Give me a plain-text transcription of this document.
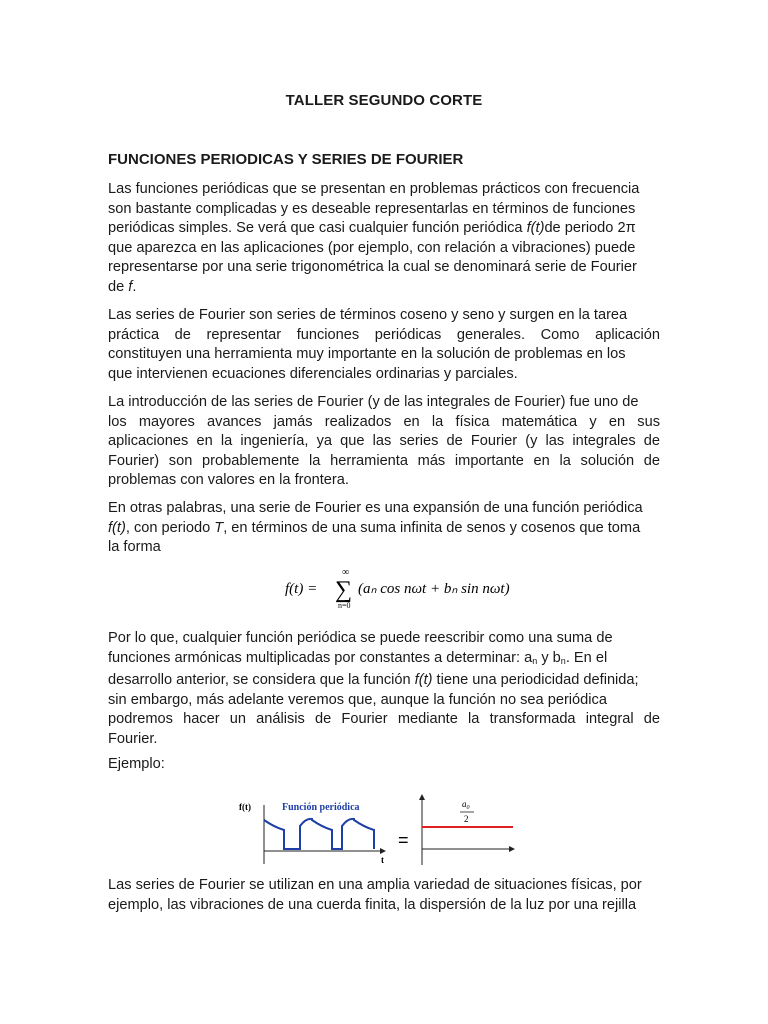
TALLER SEGUNDO CORTE
FUNCIONES PERIODICAS Y SERIES DE FOURIER
Las funciones periódicas que se presentan en problemas prácticos con frecuencia
son bastante complicadas y es deseable representarlas en términos de funciones
periódicas simples. Se verá que casi cualquier función periódica f(t)de periodo 2π
que aparezca en las aplicaciones (por ejemplo, con relación a vibraciones) puede
representarse por una serie trigonométrica la cual se denominará serie de Fourier
de f.
Las series de Fourier son series de términos coseno y seno y surgen en la tarea
práctica de representar funciones periódicas generales. Como aplicación
constituyen una herramienta muy importante en la solución de problemas en los
que intervienen ecuaciones diferenciales ordinarias y parciales.
La introducción de las series de Fourier (y de las integrales de Fourier) fue uno de
los mayores avances jamás realizados en la física matemática y en sus
aplicaciones en la ingeniería, ya que las series de Fourier (y las integrales de
Fourier) son probablemente la herramienta más importante en la solución de
problemas con valores en la frontera.
En otras palabras, una serie de Fourier es una expansión de una función periódica
f(t), con periodo T, en términos de una suma infinita de senos y cosenos que toma
la forma
f(t) =
∞
∑
n=0
(aₙ cos nωt + bₙ sin nωt)
Por lo que, cualquier función periódica se puede reescribir como una suma de
funciones armónicas multiplicadas por constantes a determinar: $a_n$ y $b_n$. En el
desarrollo anterior, se considera que la función f(t) tiene una periodicidad definida;
sin embargo, más adelante veremos que, aunque la función no sea periódica
podremos hacer un análisis de Fourier mediante la transformada integral de
Fourier.
Ejemplo:
f(t)	Función periódica
t
=
$a_0$
2
Las series de Fourier se utilizan en una amplia variedad de situaciones físicas, por
ejemplo, las vibraciones de una cuerda finita, la dispersión de la luz por una rejilla
